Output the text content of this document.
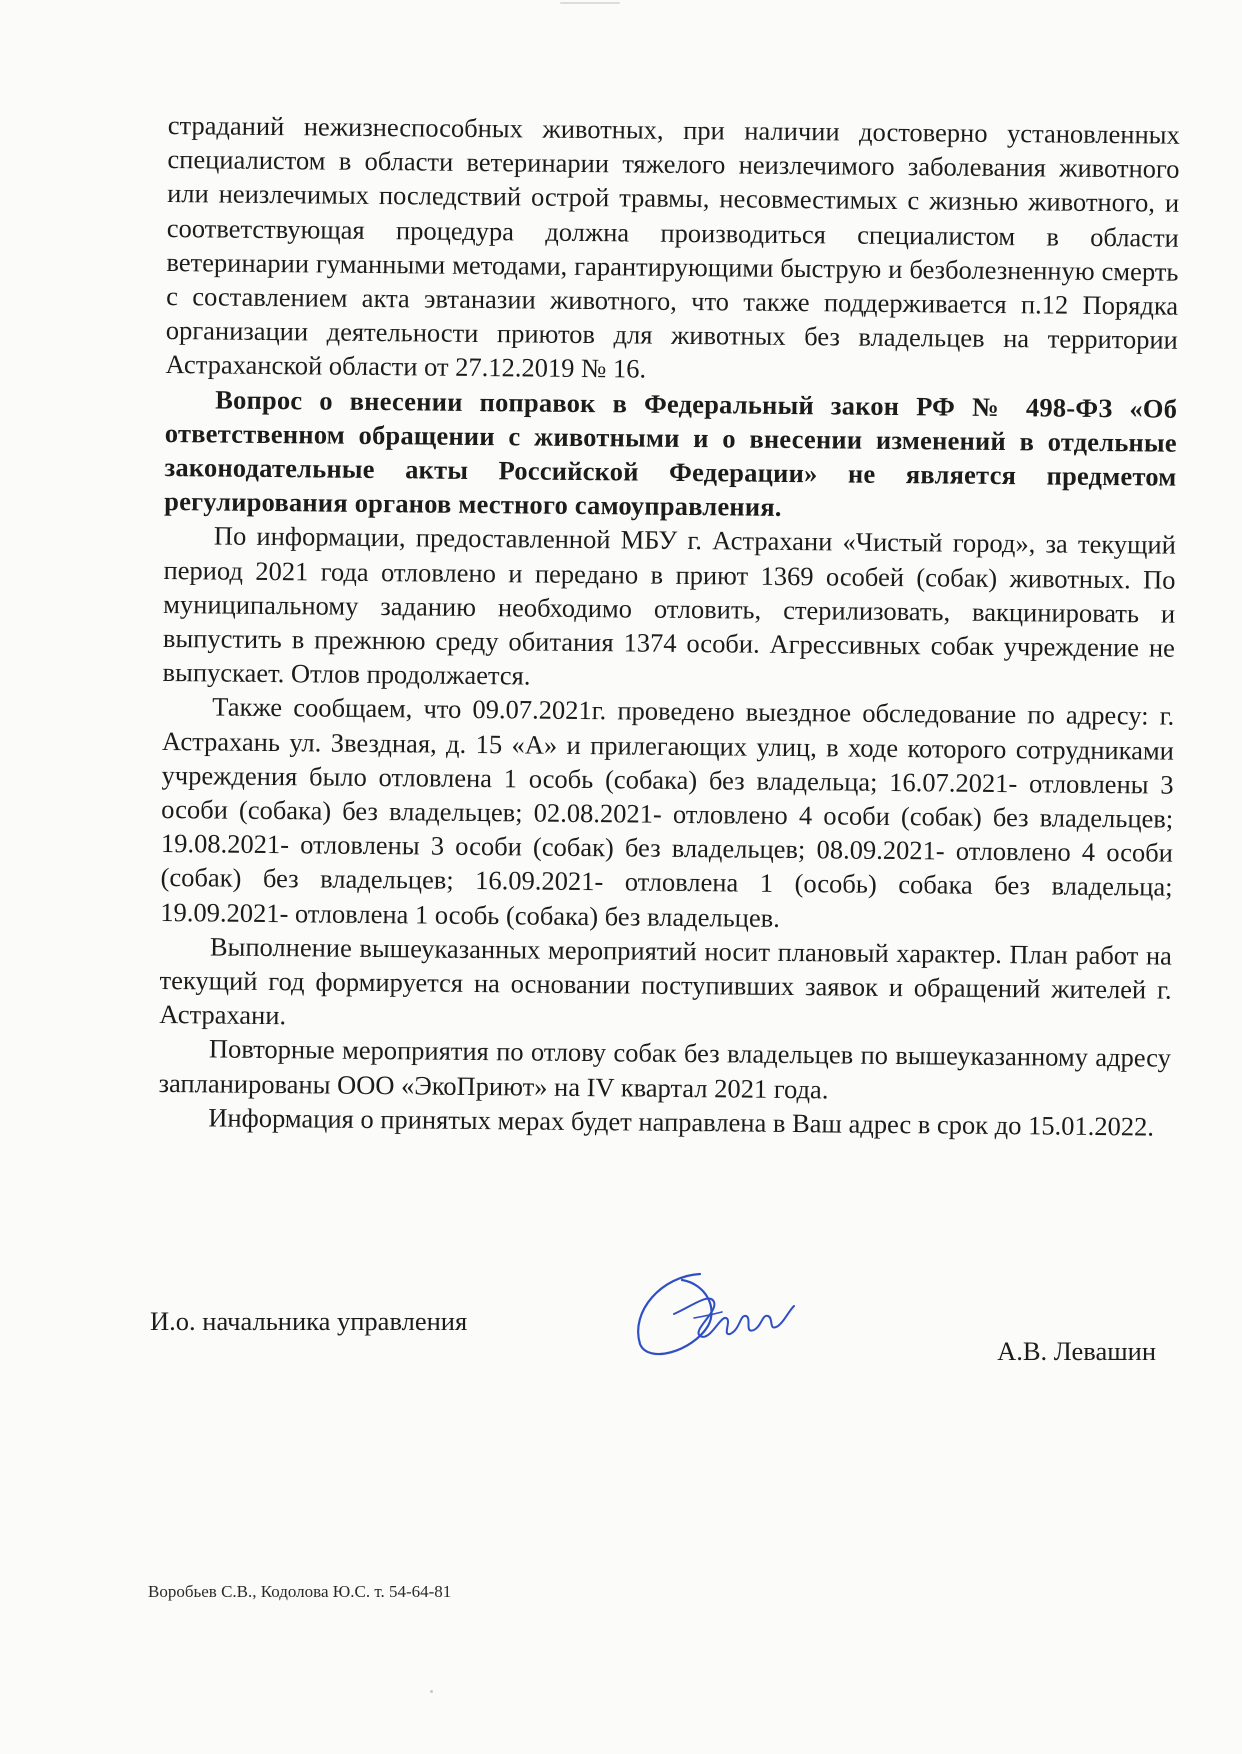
страданий нежизнеспособных животных, при наличии достоверно установленных специалистом в области ветеринарии тяжелого неизлечимого заболевания животного или неизлечимых последствий острой травмы, несовместимых с жизнью животного, и соответствующая процедура должна производиться специалистом в области ветеринарии гуманными методами, гарантирующими быструю и безболезненную смерть с составлением акта эвтаназии животного, что также поддерживается п.12 Порядка организации деятельности приютов для животных без владельцев на территории Астраханской области от 27.12.2019 № 16.

Вопрос о внесении поправок в Федеральный закон РФ № 498-ФЗ «Об ответственном обращении с животными и о внесении изменений в отдельные законодательные акты Российской Федерации» не является предметом регулирования органов местного самоуправления.

По информации, предоставленной МБУ г. Астрахани «Чистый город», за текущий период 2021 года отловлено и передано в приют 1369 особей (собак) животных. По муниципальному заданию необходимо отловить, стерилизовать, вакцинировать и выпустить в прежнюю среду обитания 1374 особи. Агрессивных собак учреждение не выпускает. Отлов продолжается.

Также сообщаем, что 09.07.2021г. проведено выездное обследование по адресу: г. Астрахань ул. Звездная, д. 15 «А» и прилегающих улиц, в ходе которого сотрудниками учреждения было отловлена 1 особь (собака) без владельца; 16.07.2021- отловлены 3 особи (собака) без владельцев; 02.08.2021- отловлено 4 особи (собак) без владельцев; 19.08.2021- отловлены 3 особи (собак) без владельцев; 08.09.2021- отловлено 4 особи (собак) без владельцев; 16.09.2021- отловлена 1 (особь) собака без владельца; 19.09.2021- отловлена 1 особь (собака) без владельцев.

Выполнение вышеуказанных мероприятий носит плановый характер. План работ на текущий год формируется на основании поступивших заявок и обращений жителей г. Астрахани.

Повторные мероприятия по отлову собак без владельцев по вышеуказанному адресу запланированы ООО «ЭкоПриют» на IV квартал 2021 года.

Информация о принятых мерах будет направлена в Ваш адрес в срок до 15.01.2022.

И.о. начальника управления
А.В. Левашин
Воробьев С.В., Кодолова Ю.С. т. 54-64-81
